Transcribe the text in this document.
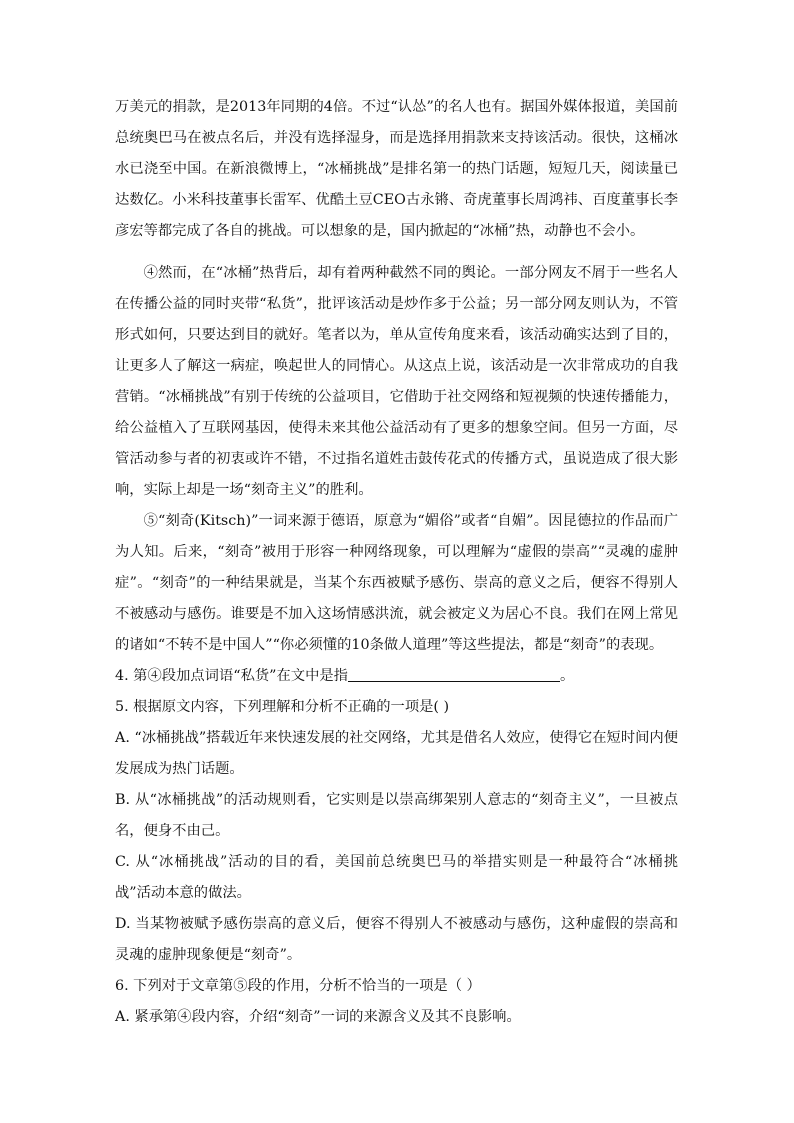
万美元的捐款，是2013年同期的4倍。不过“认怂”的名人也有。据国外媒体报道，美国前总统奥巴马在被点名后，并没有选择湿身，而是选择用捐款来支持该活动。很快，这桶冰水已浇至中国。在新浪微博上，“冰桶挑战”是排名第一的热门话题，短短几天，阅读量已达数亿。小米科技董事长雷军、优酷土豆CEO古永锵、奇虎董事长周鸿祎、百度董事长李彦宏等都完成了各自的挑战。可以想象的是，国内掀起的“冰桶”热，动静也不会小。

④然而，在“冰桶”热背后，却有着两种截然不同的舆论。一部分网友不屑于一些名人在传播公益的同时夹带“私货”，批评该活动是炒作多于公益；另一部分网友则认为，不管形式如何，只要达到目的就好。笔者以为，单从宣传角度来看，该活动确实达到了目的，让更多人了解这一病症，唤起世人的同情心。从这点上说，该活动是一次非常成功的自我营销。“冰桶挑战”有别于传统的公益项目，它借助于社交网络和短视频的快速传播能力，给公益植入了互联网基因，使得未来其他公益活动有了更多的想象空间。但另一方面，尽管活动参与者的初衷或许不错，不过指名道姓击鼓传花式的传播方式，虽说造成了很大影响，实际上却是一场“刻奇主义”的胜利。

⑤“刻奇(Kitsch)”一词来源于德语，原意为“媚俗”或者“自媚”。因昆德拉的作品而广为人知。后来，“刻奇”被用于形容一种网络现象，可以理解为“虚假的崇高”“灵魂的虚肿症”。“刻奇”的一种结果就是，当某个东西被赋予感伤、崇高的意义之后，便容不得别人不被感动与感伤。谁要是不加入这场情感洪流，就会被定义为居心不良。我们在网上常见的诸如“不转不是中国人”“你必须懂的10条做人道理”等这些提法，都是“刻奇”的表现。

4. 第④段加点词语“私货”在文中是指	。

5. 根据原文内容，下列理解和分析不正确的一项是( )

A. “冰桶挑战”搭载近年来快速发展的社交网络，尤其是借名人效应，使得它在短时间内便发展成为热门话题。

B. 从“冰桶挑战”的活动规则看，它实则是以崇高绑架别人意志的“刻奇主义”，一旦被点名，便身不由己。

C. 从“冰桶挑战”活动的目的看，美国前总统奥巴马的举措实则是一种最符合“冰桶挑战”活动本意的做法。

D. 当某物被赋予感伤崇高的意义后，便容不得别人不被感动与感伤，这种虚假的崇高和灵魂的虚肿现象便是“刻奇”。

6. 下列对于文章第⑤段的作用，分析不恰当的一项是（ ）

A. 紧承第④段内容，介绍“刻奇”一词的来源含义及其不良影响。
